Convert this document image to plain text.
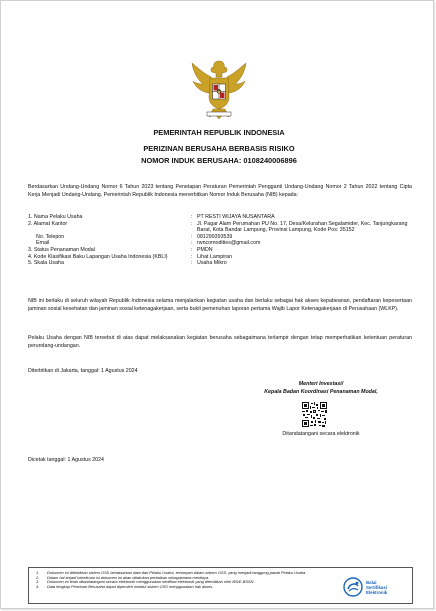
PEMERINTAH REPUBLIK INDONESIA
PERIZINAN BERUSAHA BERBASIS RISIKO
NOMOR INDUK BERUSAHA: 0108240006896
Berdasarkan Undang-Undang Nomor 6 Tahun 2023 tentang Penetapan Peraturan Pemerintah Pengganti Undang-Undang Nomor 2 Tahun 2022 tentang Cipta Kerja Menjadi Undang-Undang, Pemerintah Republik Indonesia menerbitkan Nomor Induk Berusaha (NIB) kepada:
1. Nama Pelaku Usaha	: PT RESTI WIJAYA NUSANTARA
2. Alamat Kantor	: Jl. Pagar Alam Perumahan PU No. 17, Desa/Kelurahan Segalamider, Kec. Tanjungkarang Barat, Kota Bandar Lampung, Provinsi Lampung, Kode Pos: 35152
No. Telepon	: 081299393539
Email	: rwncomodities@gmail.com
3. Status Penanaman Modal	: PMDN
4. Kode Klasifikasi Baku Lapangan Usaha Indonesia (KBLI)	: Lihat Lampiran
5. Skala Usaha	: Usaha Mikro
NIB ini berlaku di seluruh wilayah Republik Indonesia selama menjalankan kegiatan usaha dan berlaku sebagai hak akses kepabeanan, pendaftaran kepesertaan jaminan sosial kesehatan dan jaminan sosial ketenagakerjaan, serta bukti pemenuhan laporan pertama Wajib Lapor Ketenagakerjaan di Perusahaan (WLKP).
Pelaku Usaha dengan NIB tersebut di atas dapat melaksanakan kegiatan berusaha sebagaimana terlampir dengan tetap memperhatikan ketentuan peraturan perundang-undangan.
Diterbitkan di Jakarta, tanggal: 1 Agustus 2024
Menteri Investasi/
Kepala Badan Koordinasi Penanaman Modal,
Ditandatangani secara elektronik
Dicetak tanggal: 1 Agustus 2024
1.	Dokumen ini diterbitkan sistem OSS berdasarkan data dari Pelaku Usaha, tersimpan dalam sistem OSS, yang menjadi tanggung jawab Pelaku Usaha.
2.	Dalam hal terjadi kekeliruan isi dokumen ini akan dilakukan perbaikan sebagaimana mestinya.
3.	Dokumen ini telah ditandatangani secara elektronik menggunakan sertifikat elektronik yang diterbitkan oleh BSrE-BSSN.
4.	Data lengkap Perizinan Berusaha dapat diperoleh melalui sistem OSS menggunakan hak akses.
Balai
Sertifikasi
Elektronik
